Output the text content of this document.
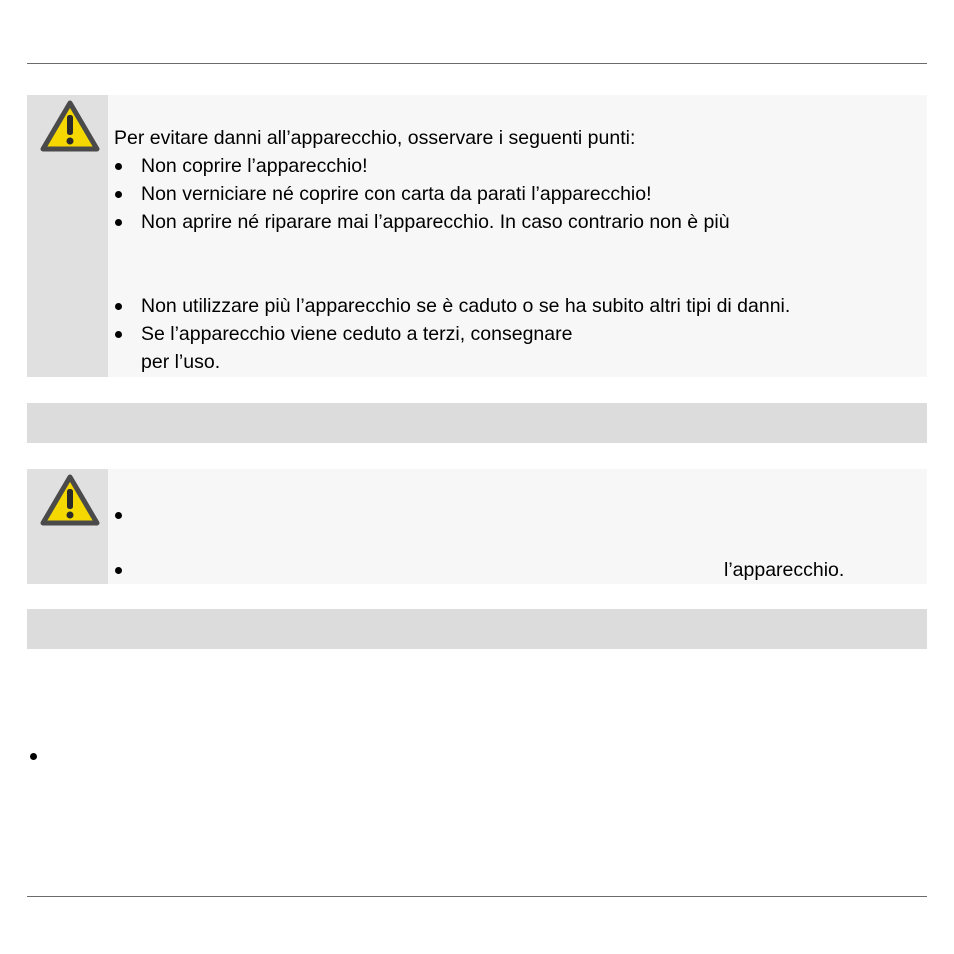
Per evitare danni all’apparecchio, osservare i seguenti punti:
Non coprire l’apparecchio!
Non verniciare né coprire con carta da parati l’apparecchio!
Non aprire né riparare mai l’apparecchio. In caso contrario non è più
Non utilizzare più l’apparecchio se è caduto o se ha subito altri tipi di danni.
Se l’apparecchio viene ceduto a terzi, consegnare
per l’uso.
l’apparecchio.
